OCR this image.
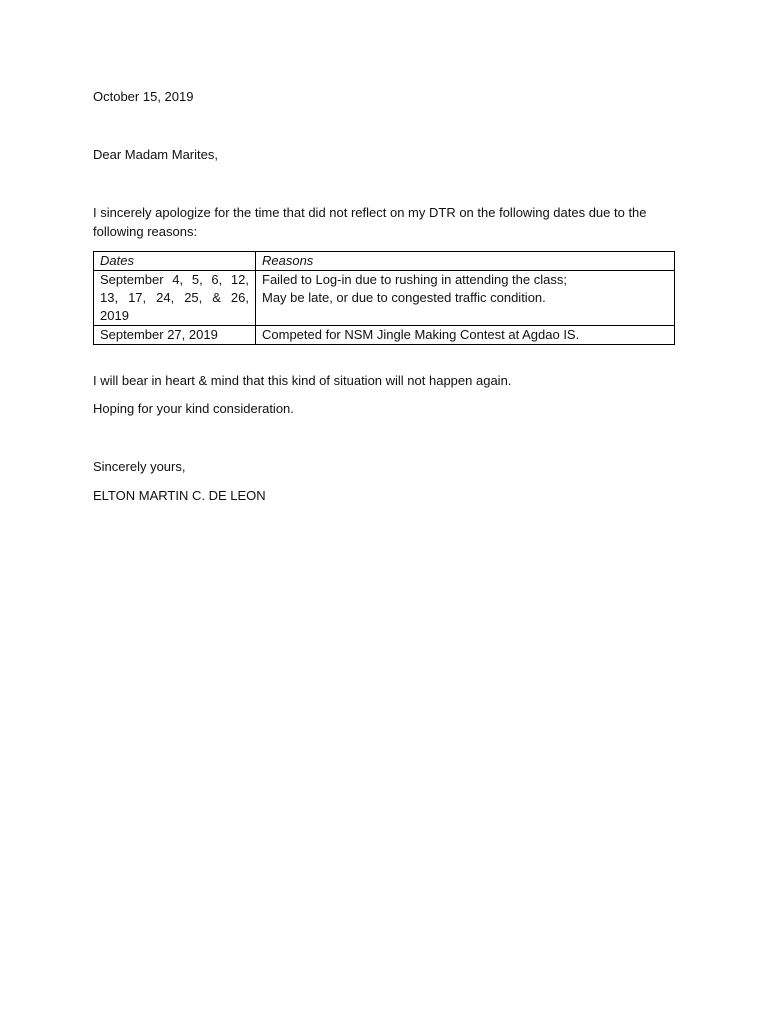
October 15, 2019
Dear Madam Marites,
I sincerely apologize for the time that did not reflect on my DTR on the following dates due to the following reasons:
Dates	Reasons
September 4, 5, 6, 12, 13, 17, 24, 25, & 26, 2019	Failed to Log-in due to rushing in attending the class;
May be late, or due to congested traffic condition.

September 27, 2019	Competed for NSM Jingle Making Contest at Agdao IS.
I will bear in heart & mind that this kind of situation will not happen again.
Hoping for your kind consideration.
Sincerely yours,
ELTON MARTIN C. DE LEON
